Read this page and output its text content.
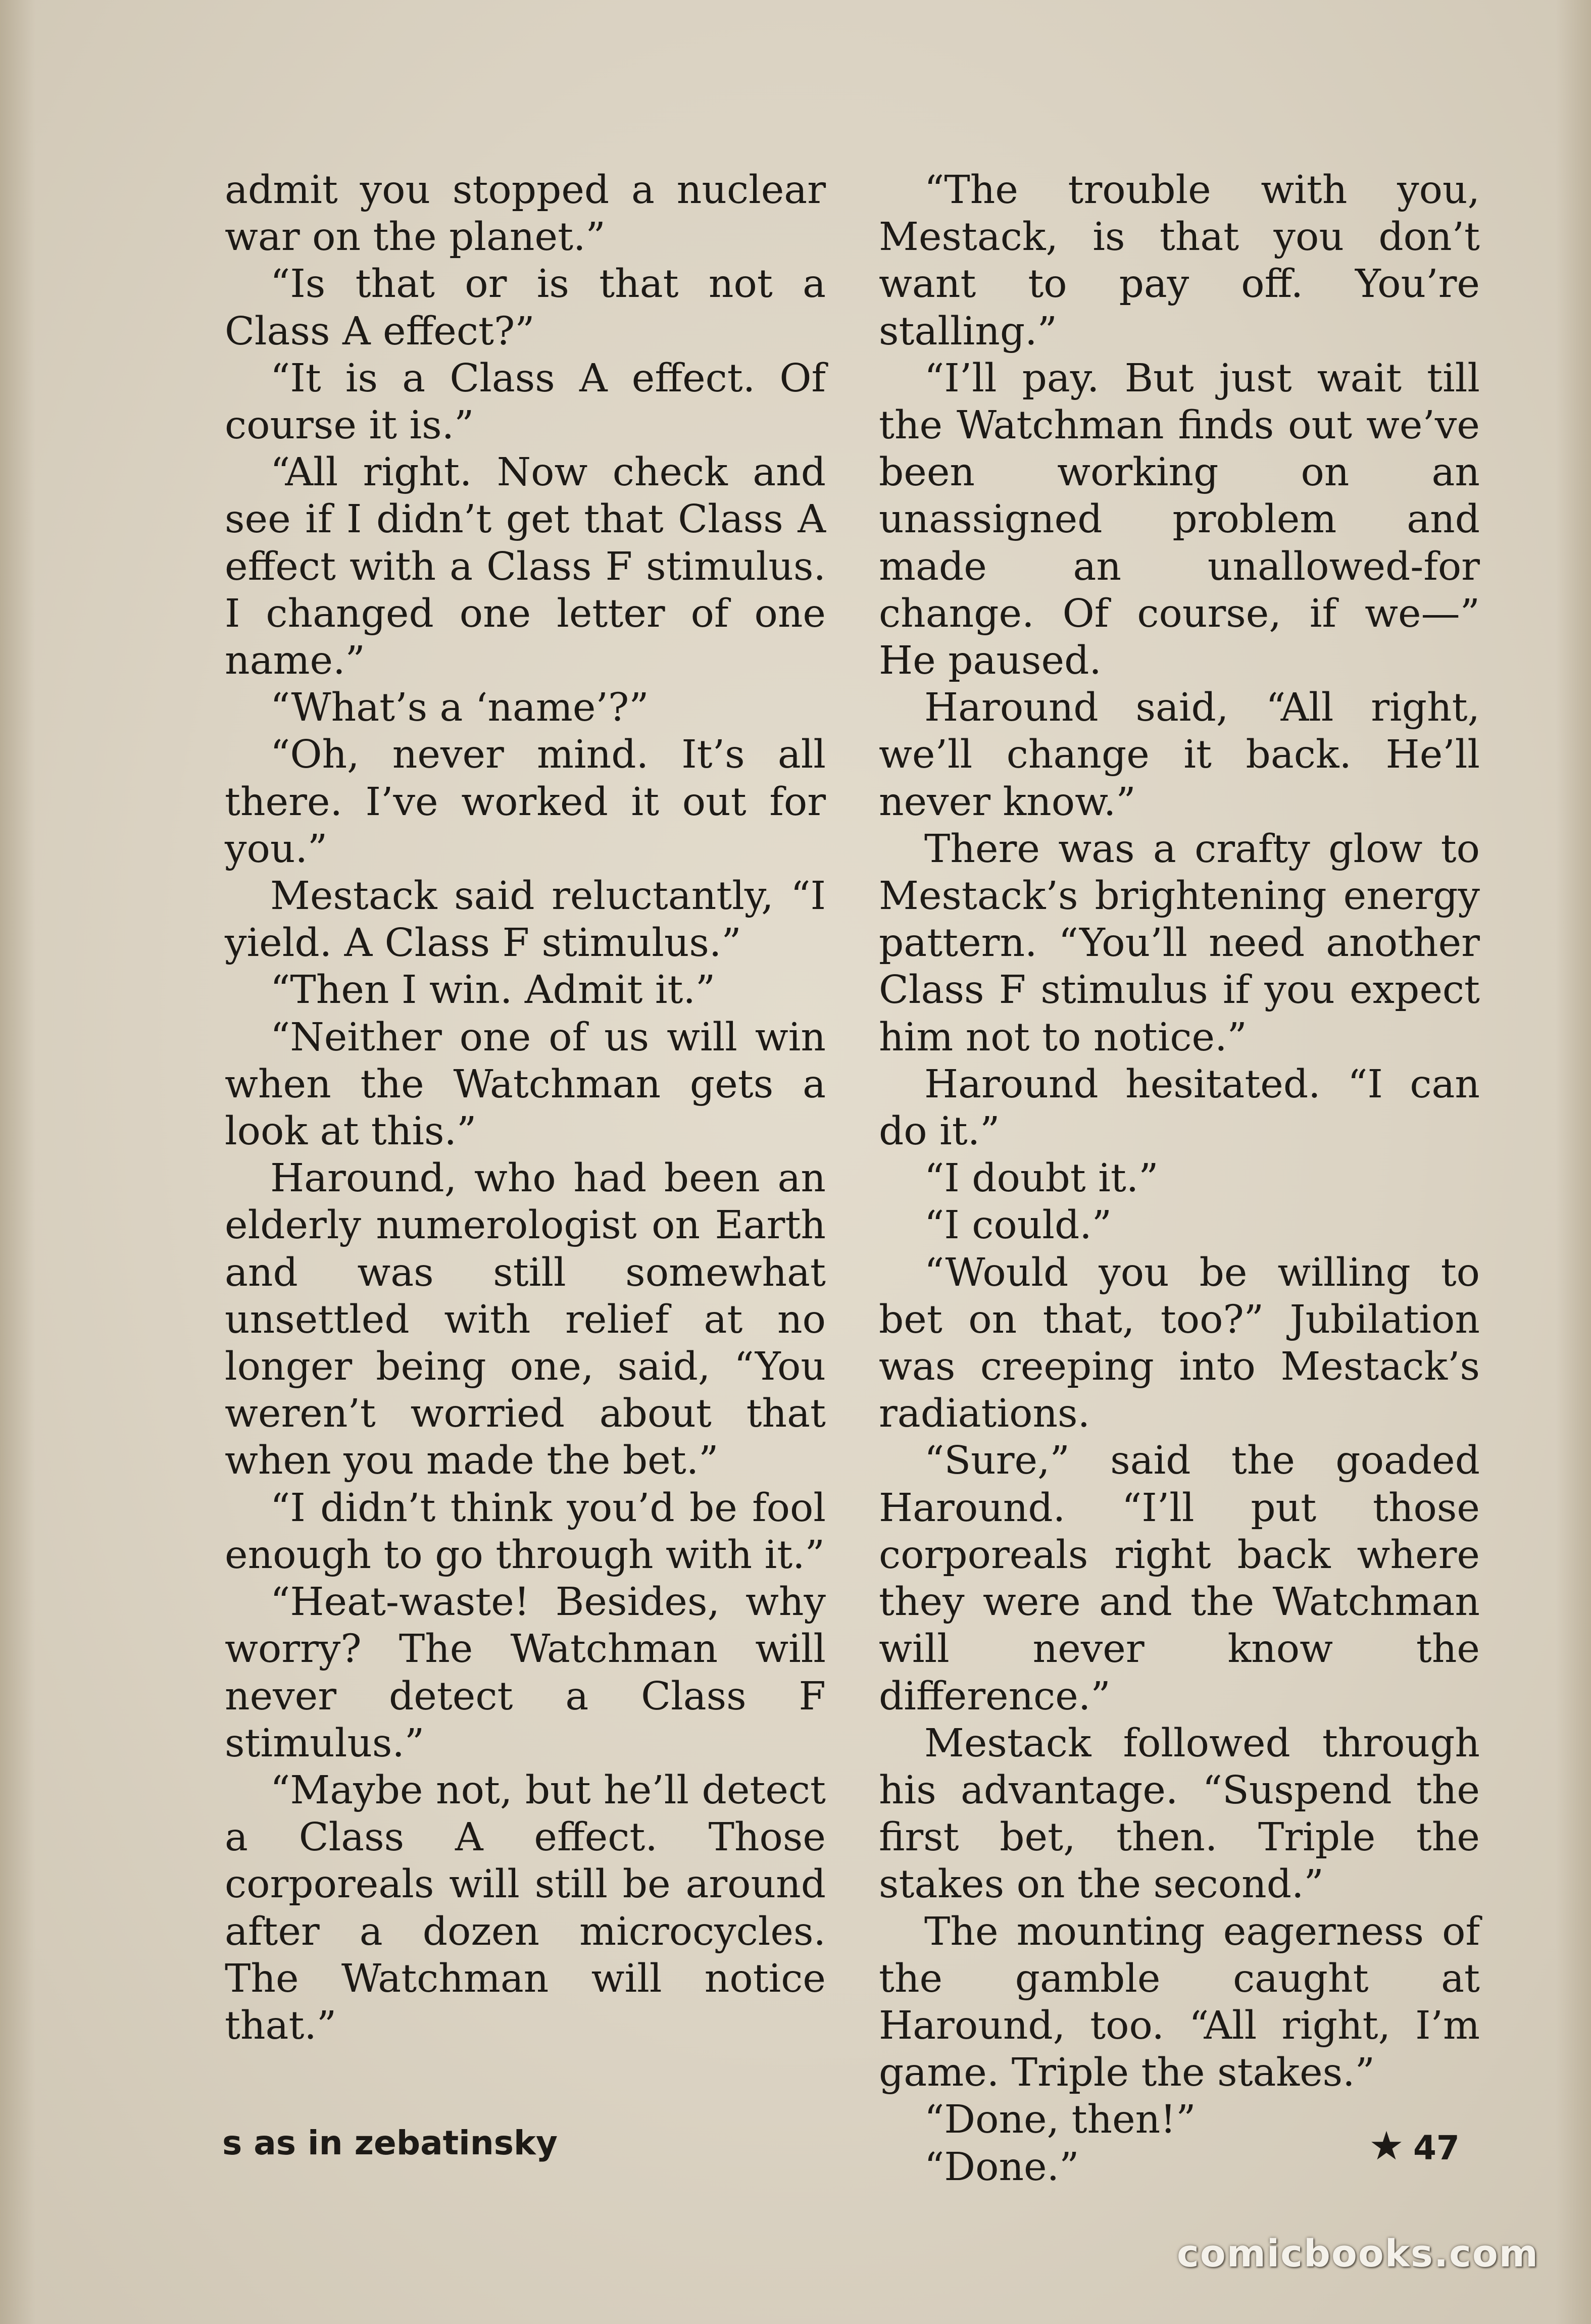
admit you stopped a nuclear war on the planet.”

“Is that or is that not a Class A effect?”

“It is a Class A effect. Of course it is.”

“All right. Now check and see if I didn’t get that Class A effect with a Class F stimulus. I changed one letter of one name.”

“What’s a ‘name’?”

“Oh, never mind. It’s all there. I’ve worked it out for you.”

Mestack said reluctantly, “I yield. A Class F stimulus.”

“Then I win. Admit it.”

“Neither one of us will win when the Watchman gets a look at this.”

Haround, who had been an elderly numerologist on Earth and was still somewhat unsettled with relief at no longer being one, said, “You weren’t worried about that when you made the bet.”

“I didn’t think you’d be fool enough to go through with it.”

“Heat-waste! Besides, why worry? The Watchman will never detect a Class F stimulus.”

“Maybe not, but he’ll detect a Class A effect. Those corporeals will still be around after a dozen microcycles. The Watchman will notice that.”

“The trouble with you, Mestack, is that you don’t want to pay off. You’re stalling.”

“I’ll pay. But just wait till the Watchman finds out we’ve been working on an unassigned problem and made an unallowed-for change. Of course, if we—” He paused.

Haround said, “All right, we’ll change it back. He’ll never know.”

There was a crafty glow to Mestack’s brightening energy pattern. “You’ll need another Class F stimulus if you expect him not to notice.”

Haround hesitated. “I can do it.”

“I doubt it.”

“I could.”

“Would you be willing to bet on that, too?” Jubilation was creeping into Mestack’s radiations.

“Sure,” said the goaded Haround. “I’ll put those corporeals right back where they were and the Watchman will never know the difference.”

Mestack followed through his advantage. “Suspend the first bet, then. Triple the stakes on the second.”

The mounting eagerness of the gamble caught at Haround, too. “All right, I’m game. Triple the stakes.”

“Done, then!”

“Done.”

s as in zebatinsky	★ 47
comicbooks.com
